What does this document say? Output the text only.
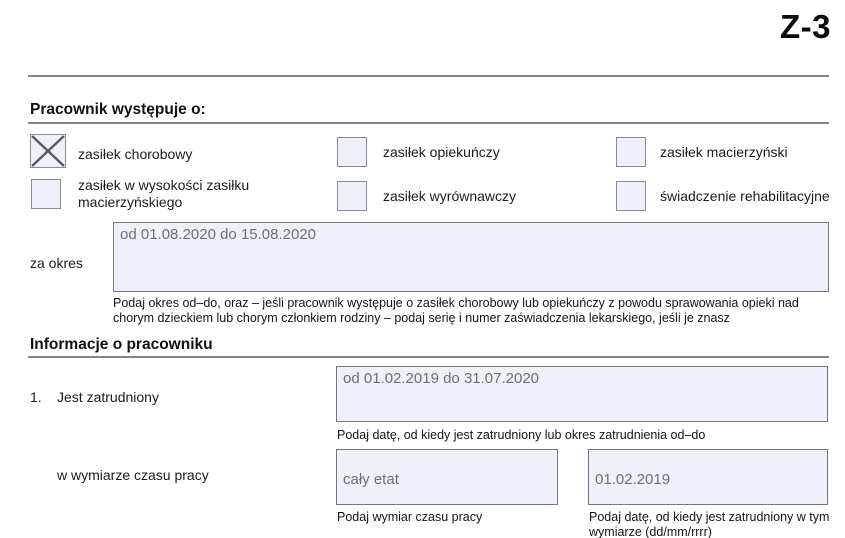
Z-3
Pracownik występuje o:
zasiłek chorobowy	zasiłek opiekuńczy	zasiłek macierzyński
zasiłek w wysokości zasiłku macierzyńskiego	zasiłek wyrównawczy	świadczenie rehabilitacyjne
za okres
od 01.08.2020 do 15.08.2020
Podaj okres od–do, oraz – jeśli pracownik występuje o zasiłek chorobowy lub opiekuńczy z powodu sprawowania opieki nad chorym dzieckiem lub chorym członkiem rodziny – podaj serię i numer zaświadczenia lekarskiego, jeśli je znasz
Informacje o pracowniku
1. Jest zatrudniony
od 01.02.2019 do 31.07.2020
Podaj datę, od kiedy jest zatrudniony lub okres zatrudnienia od–do
w wymiarze czasu pracy	cały etat	01.02.2019
Podaj wymiar czasu pracy	Podaj datę, od kiedy jest zatrudniony w tym wymiarze (dd/mm/rrrr)
